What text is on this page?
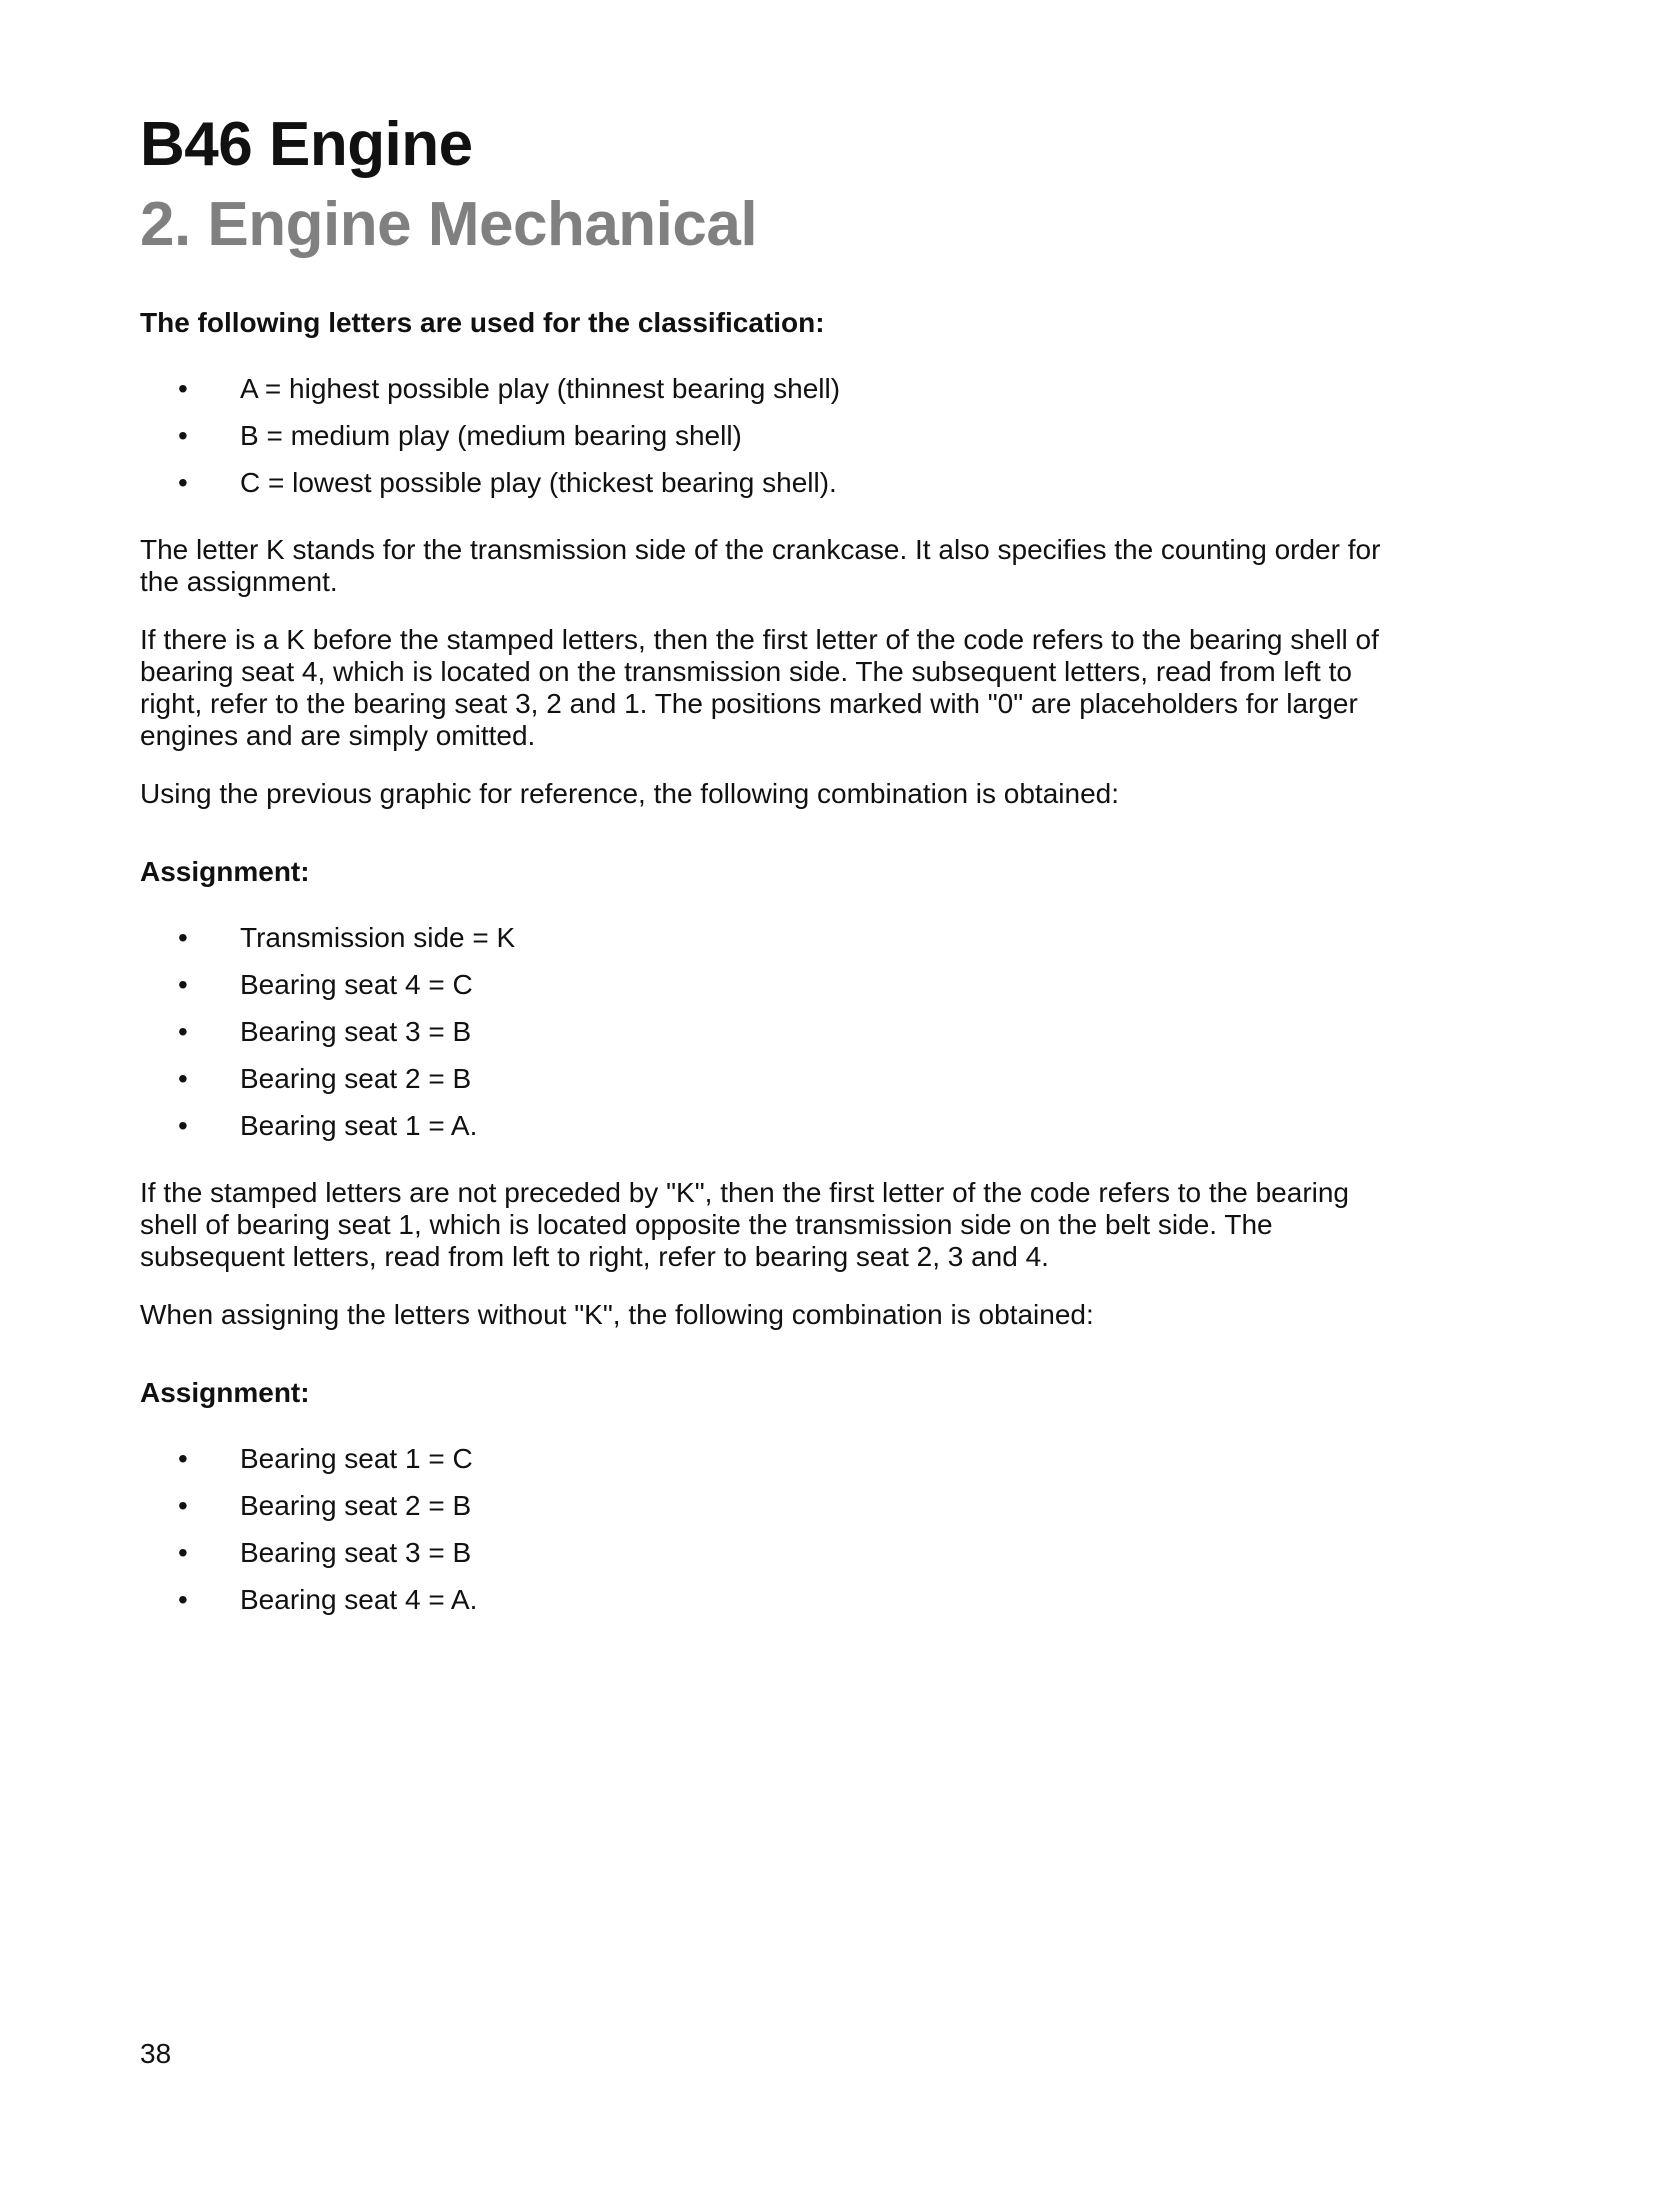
B46 Engine
2. Engine Mechanical
The following letters are used for the classification:
• A = highest possible play (thinnest bearing shell)
• B = medium play (medium bearing shell)
• C = lowest possible play (thickest bearing shell).

The letter K stands for the transmission side of the crankcase. It also specifies the counting order for the assignment.

If there is a K before the stamped letters, then the first letter of the code refers to the bearing shell of bearing seat 4, which is located on the transmission side. The subsequent letters, read from left to right, refer to the bearing seat 3, 2 and 1. The positions marked with "0" are placeholders for larger engines and are simply omitted.

Using the previous graphic for reference, the following combination is obtained:

Assignment:
• Transmission side = K
• Bearing seat 4 = C
• Bearing seat 3 = B
• Bearing seat 2 = B
• Bearing seat 1 = A.

If the stamped letters are not preceded by "K", then the first letter of the code refers to the bearing shell of bearing seat 1, which is located opposite the transmission side on the belt side. The subsequent letters, read from left to right, refer to bearing seat 2, 3 and 4.

When assigning the letters without "K", the following combination is obtained:

Assignment:
• Bearing seat 1 = C
• Bearing seat 2 = B
• Bearing seat 3 = B
• Bearing seat 4 = A.
38
